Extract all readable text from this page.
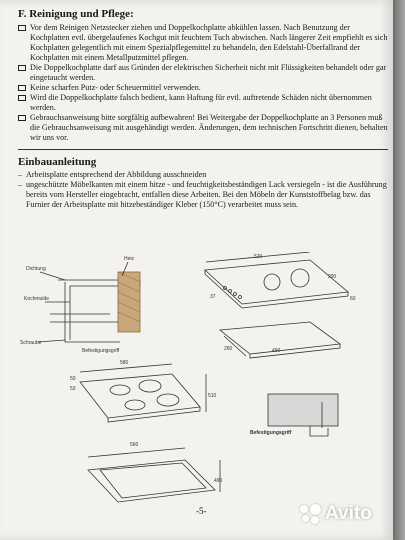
F. Reinigung und Pflege:
Vor dem Reinigen Netzstecker ziehen und Doppelkochplatte abkühlen lassen. Nach Benutzung der Kochplatten evtl. übergelaufenes Kochgut mit feuchtem Tuch abwischen. Nach längerer Zeit empfiehlt es sich Kochplatten gelegentlich mit einem Spezialpflegemittel zu behandeln, den Edelstahl-Überfallrand der Kochplatten mit einem Metallputzmittel pflegen.
Die Doppelkochplatte darf aus Gründen der elektrischen Sicherheit nicht mit Flüssigkeiten behandelt oder gar eingetaucht werden.
Keine scharfen Putz- oder Scheuermittel verwenden.
Wird die Doppelkochplatte falsch bedient, kann Haftung für evtl. auftretende Schäden nicht übernommen werden.
Gebrauchsanweisung bitte sorgfältig aufbewahren! Bei Weitergabe der Doppelkochplatte an 3 Personen muß die Gebrauchsanweisung mit ausgehändigt werden. Änderungen, dem technischen Fortschritt dienen, behalten wir uns vor.
Einbauanleitung
– Arbeitsplatte entsprechend der Abbildung ausschneiden
– ungeschützte Möbelkanten mit einem hitze - und feuchtigkeitsbeständigen Lack versiegeln - ist die Ausführung bereits vom Hersteller eingebracht, entfallen diese Arbeiten. Bei den Möbeln der Kunststoffbelag bzw. das Furnier der Arbeitsplatte mit hitzebeständiger Kleber (150°C) verarbeitet muss sein.
Dichtung
Heiz
Kochmulde
Schraube
Befestigungsgriff
520
290
37	60
490
260
580
510
50
53
Befestigungsgriff
560
490
-5-	Avito
